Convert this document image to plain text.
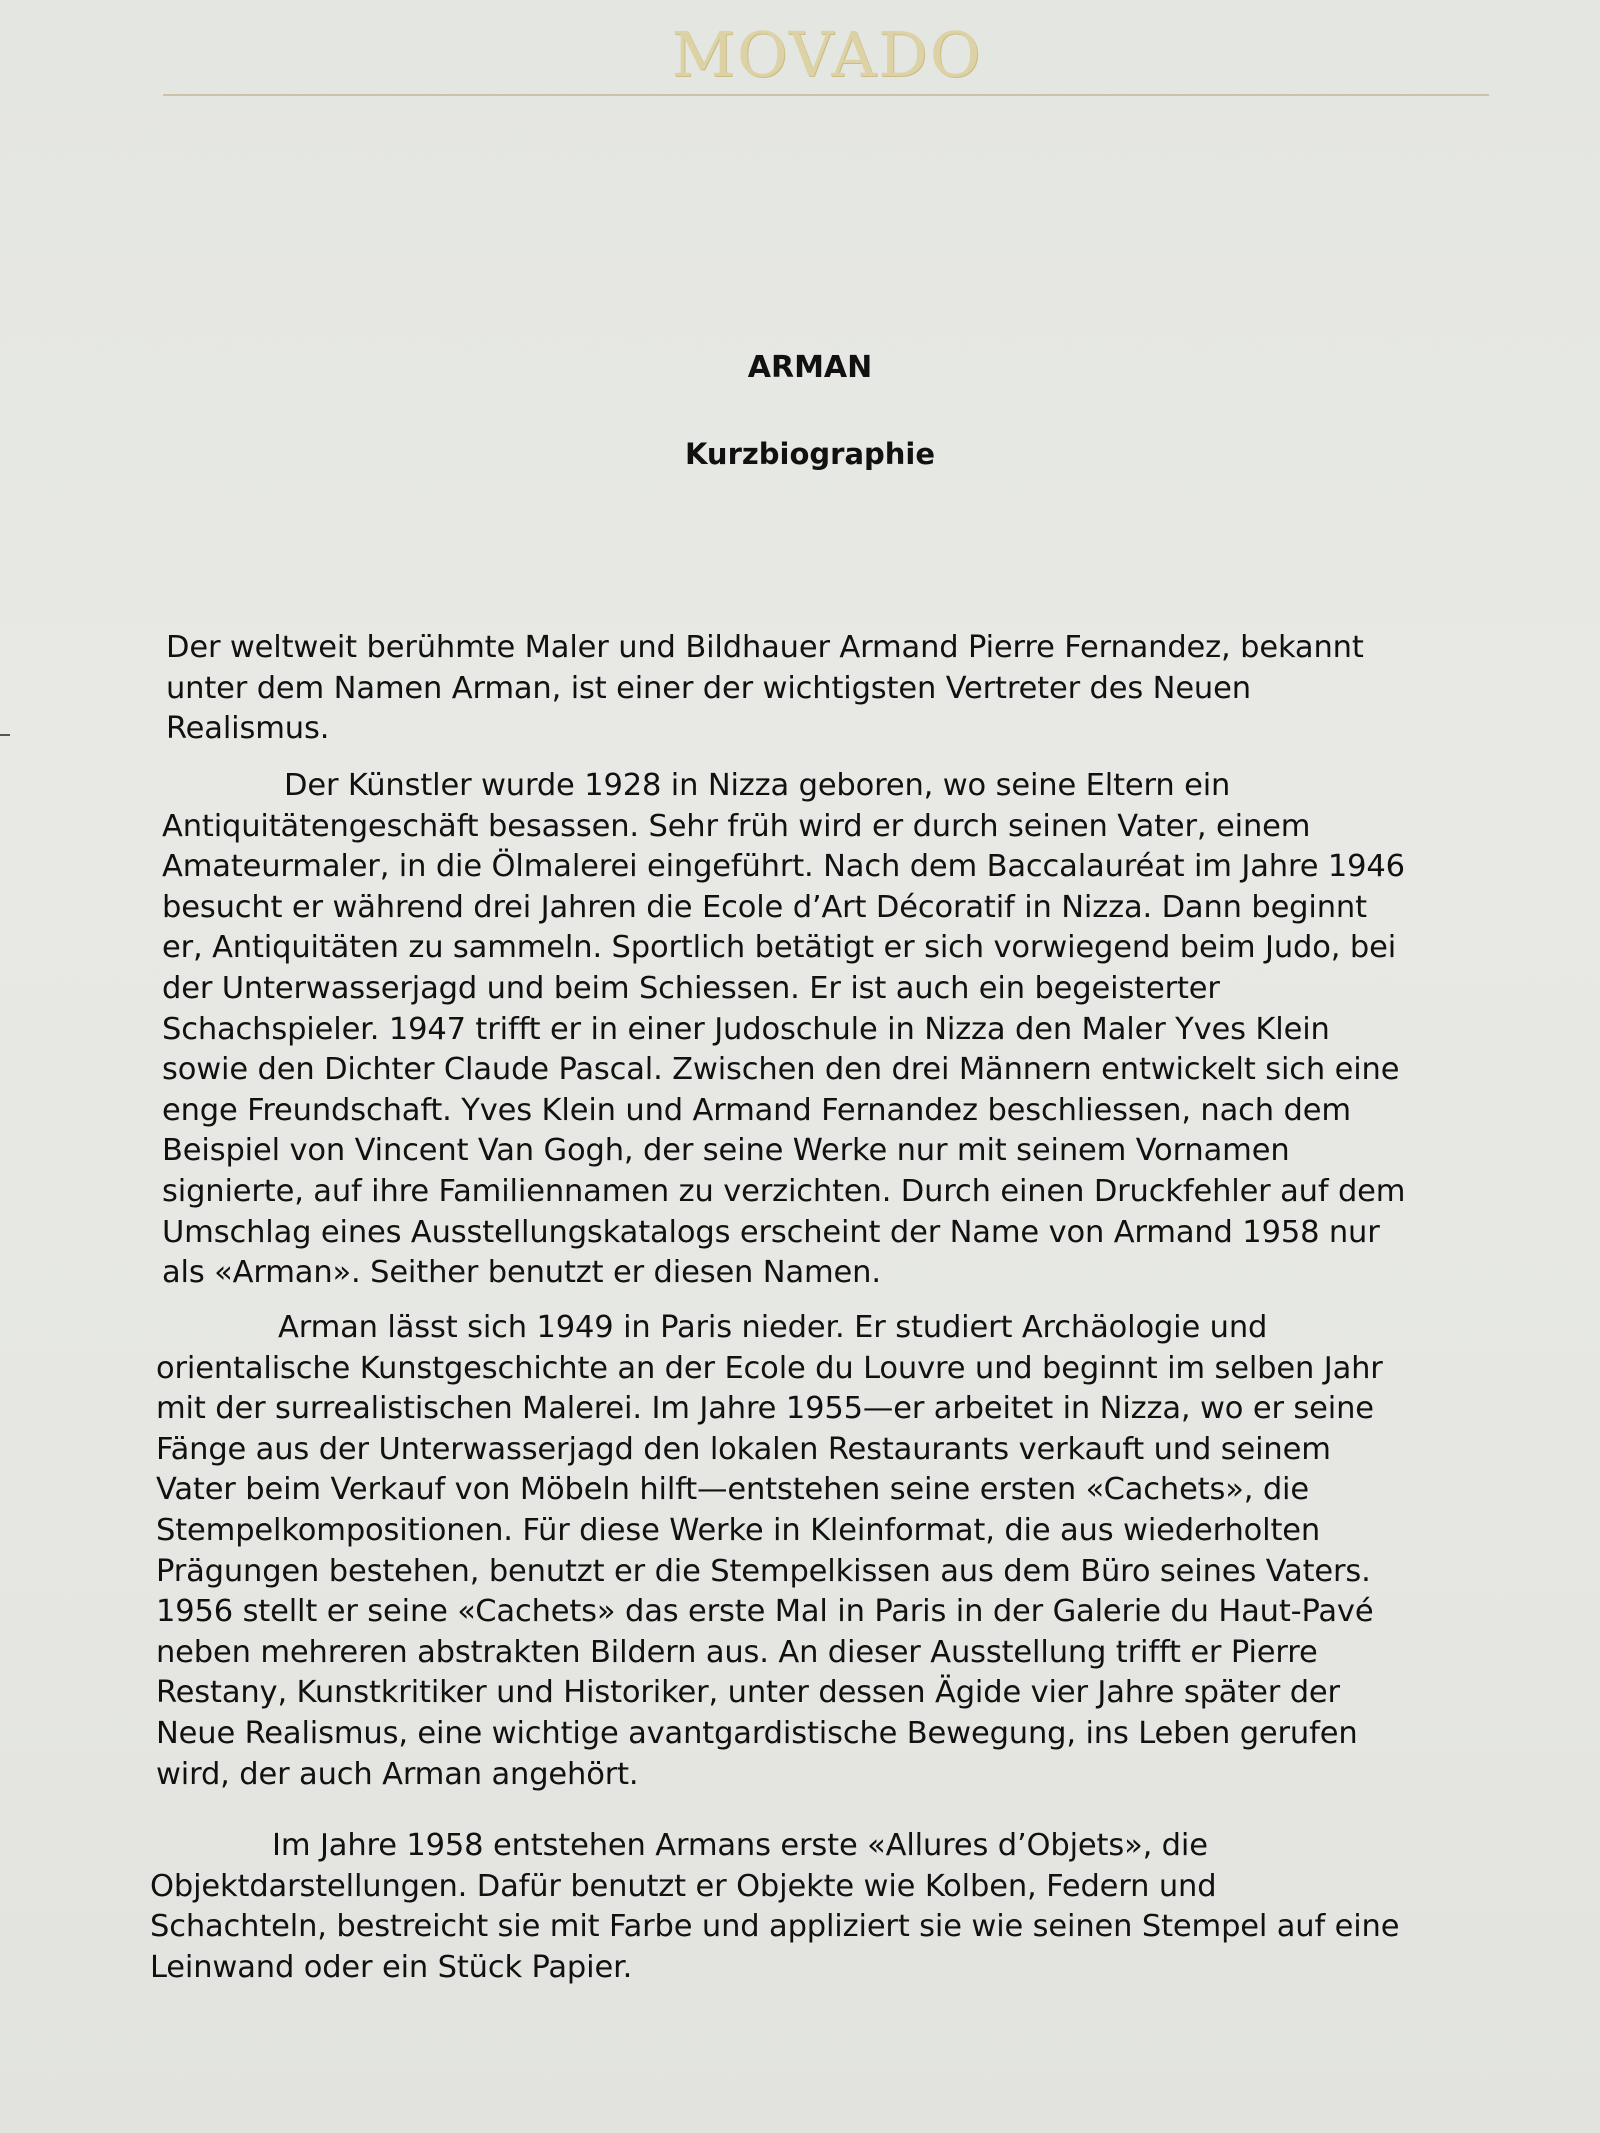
MOVADO
ARMAN
Kurzbiographie
Der weltweit berühmte Maler und Bildhauer Armand Pierre Fernandez, bekannt
unter dem Namen Arman, ist einer der wichtigsten Vertreter des Neuen
Realismus.
Der Künstler wurde 1928 in Nizza geboren, wo seine Eltern ein
Antiquitätengeschäft besassen. Sehr früh wird er durch seinen Vater, einem
Amateurmaler, in die Ölmalerei eingeführt. Nach dem Baccalauréat im Jahre 1946
besucht er während drei Jahren die Ecole d’Art Décoratif in Nizza. Dann beginnt
er, Antiquitäten zu sammeln. Sportlich betätigt er sich vorwiegend beim Judo, bei
der Unterwasserjagd und beim Schiessen. Er ist auch ein begeisterter
Schachspieler. 1947 trifft er in einer Judoschule in Nizza den Maler Yves Klein
sowie den Dichter Claude Pascal. Zwischen den drei Männern entwickelt sich eine
enge Freundschaft. Yves Klein und Armand Fernandez beschliessen, nach dem
Beispiel von Vincent Van Gogh, der seine Werke nur mit seinem Vornamen
signierte, auf ihre Familiennamen zu verzichten. Durch einen Druckfehler auf dem
Umschlag eines Ausstellungskatalogs erscheint der Name von Armand 1958 nur
als «Arman». Seither benutzt er diesen Namen.
Arman lässt sich 1949 in Paris nieder. Er studiert Archäologie und
orientalische Kunstgeschichte an der Ecole du Louvre und beginnt im selben Jahr
mit der surrealistischen Malerei. Im Jahre 1955—er arbeitet in Nizza, wo er seine
Fänge aus der Unterwasserjagd den lokalen Restaurants verkauft und seinem
Vater beim Verkauf von Möbeln hilft—entstehen seine ersten «Cachets», die
Stempelkompositionen. Für diese Werke in Kleinformat, die aus wiederholten
Prägungen bestehen, benutzt er die Stempelkissen aus dem Büro seines Vaters.
1956 stellt er seine «Cachets» das erste Mal in Paris in der Galerie du Haut-Pavé
neben mehreren abstrakten Bildern aus. An dieser Ausstellung trifft er Pierre
Restany, Kunstkritiker und Historiker, unter dessen Ägide vier Jahre später der
Neue Realismus, eine wichtige avantgardistische Bewegung, ins Leben gerufen
wird, der auch Arman angehört.
Im Jahre 1958 entstehen Armans erste «Allures d’Objets», die
Objektdarstellungen. Dafür benutzt er Objekte wie Kolben, Federn und
Schachteln, bestreicht sie mit Farbe und appliziert sie wie seinen Stempel auf eine
Leinwand oder ein Stück Papier.
